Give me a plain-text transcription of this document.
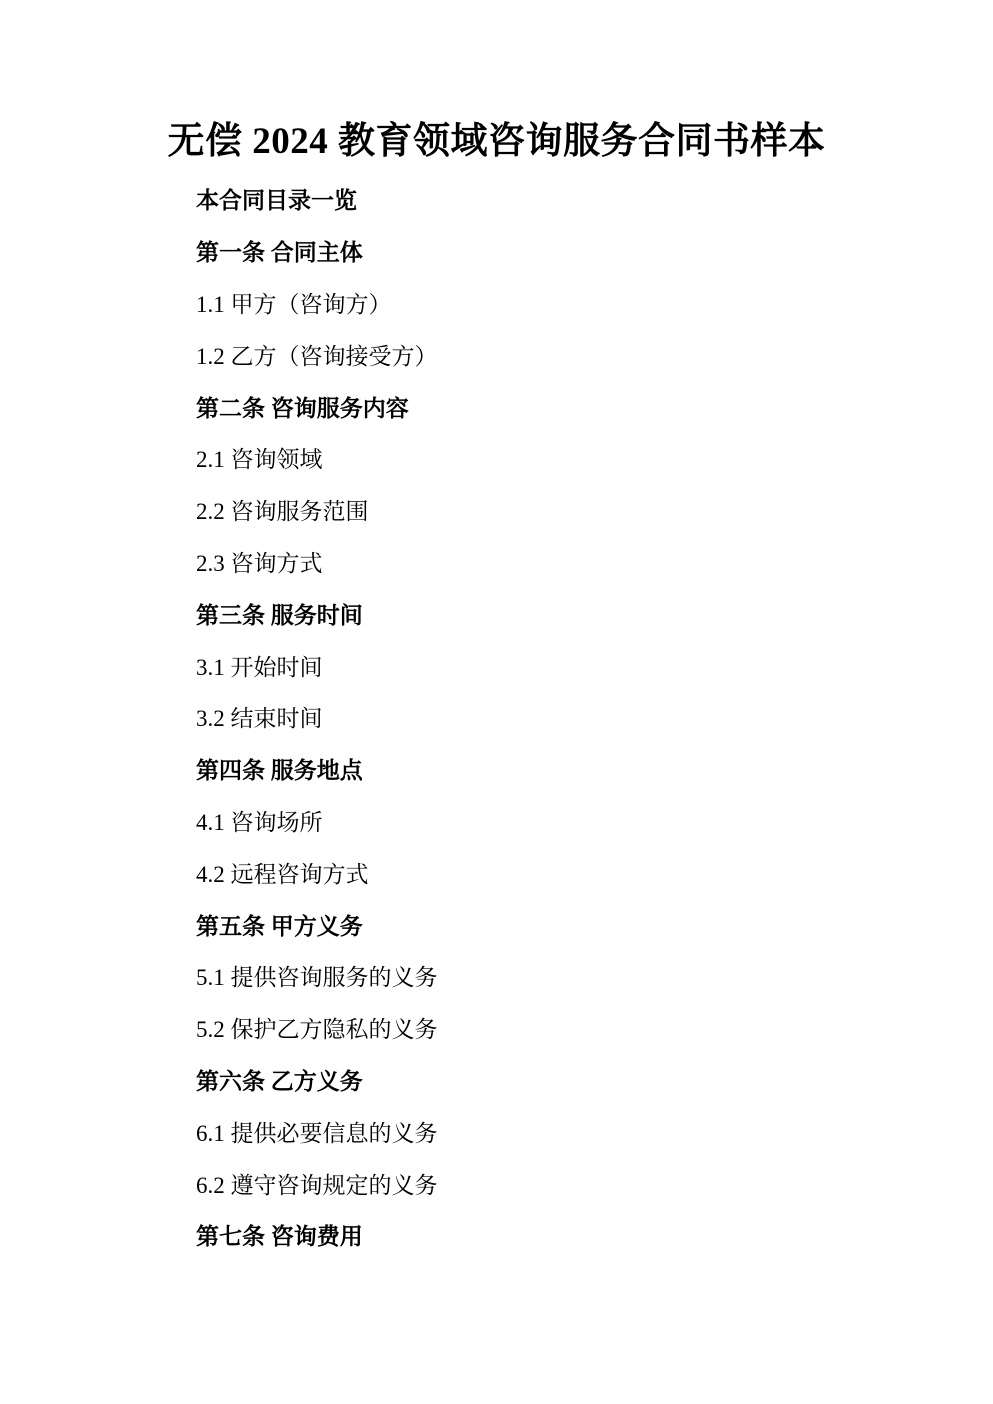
无偿 2024 教育领域咨询服务合同书样本
本合同目录一览
第一条 合同主体
1.1 甲方（咨询方）
1.2 乙方（咨询接受方）
第二条 咨询服务内容
2.1 咨询领域
2.2 咨询服务范围
2.3 咨询方式
第三条 服务时间
3.1 开始时间
3.2 结束时间
第四条 服务地点
4.1 咨询场所
4.2 远程咨询方式
第五条 甲方义务
5.1 提供咨询服务的义务
5.2 保护乙方隐私的义务
第六条 乙方义务
6.1 提供必要信息的义务
6.2 遵守咨询规定的义务
第七条 咨询费用
